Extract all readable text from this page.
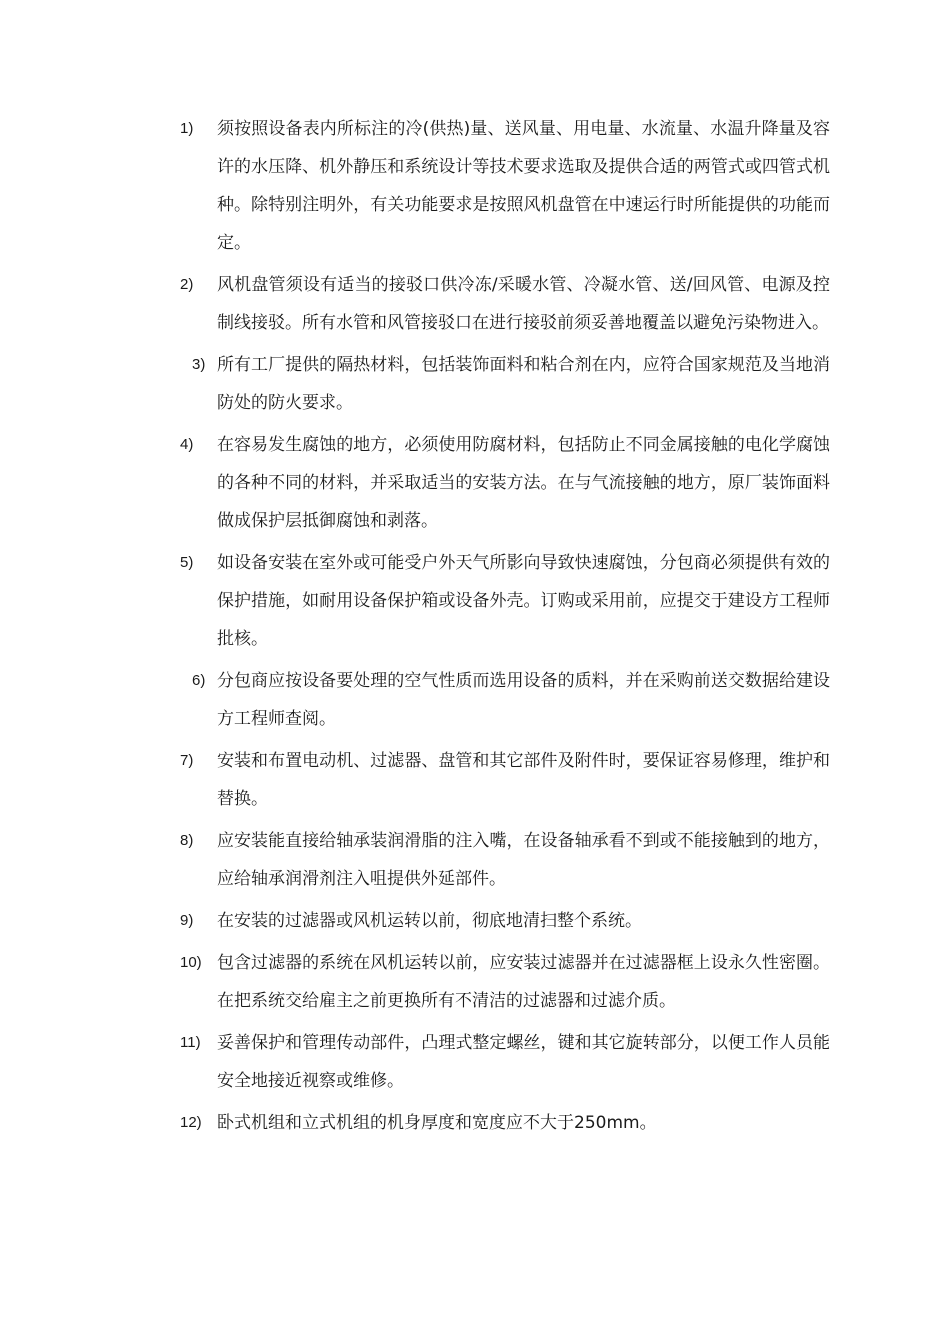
1) 须按照设备表内所标注的冷(供热)量、送风量、用电量、水流量、水温升降量及容许的水压降、机外静压和系统设计等技术要求选取及提供合适的两管式或四管式机种。除特别注明外，有关功能要求是按照风机盘管在中速运行时所能提供的功能而定。
2) 风机盘管须设有适当的接驳口供冷冻/采暖水管、冷凝水管、送/回风管、电源及控制线接驳。所有水管和风管接驳口在进行接驳前须妥善地覆盖以避免污染物进入。
3) 所有工厂提供的隔热材料，包括装饰面料和粘合剂在内，应符合国家规范及当地消防处的防火要求。
4) 在容易发生腐蚀的地方，必须使用防腐材料，包括防止不同金属接触的电化学腐蚀的各种不同的材料，并采取适当的安装方法。在与气流接触的地方，原厂装饰面料做成保护层抵御腐蚀和剥落。
5) 如设备安装在室外或可能受户外天气所影向导致快速腐蚀，分包商必须提供有效的保护措施，如耐用设备保护箱或设备外壳。订购或采用前，应提交于建设方工程师批核。
6) 分包商应按设备要处理的空气性质而选用设备的质料，并在采购前送交数据给建设方工程师查阅。
7) 安装和布置电动机、过滤器、盘管和其它部件及附件时，要保证容易修理，维护和替换。
8) 应安装能直接给轴承装润滑脂的注入嘴，在设备轴承看不到或不能接触到的地方，应给轴承润滑剂注入咀提供外延部件。
9) 在安装的过滤器或风机运转以前，彻底地清扫整个系统。
10) 包含过滤器的系统在风机运转以前，应安装过滤器并在过滤器框上设永久性密圈。在把系统交给雇主之前更换所有不清洁的过滤器和过滤介质。
11) 妥善保护和管理传动部件，凸理式整定螺丝，键和其它旋转部分，以便工作人员能安全地接近视察或维修。
12) 卧式机组和立式机组的机身厚度和宽度应不大于250mm。
